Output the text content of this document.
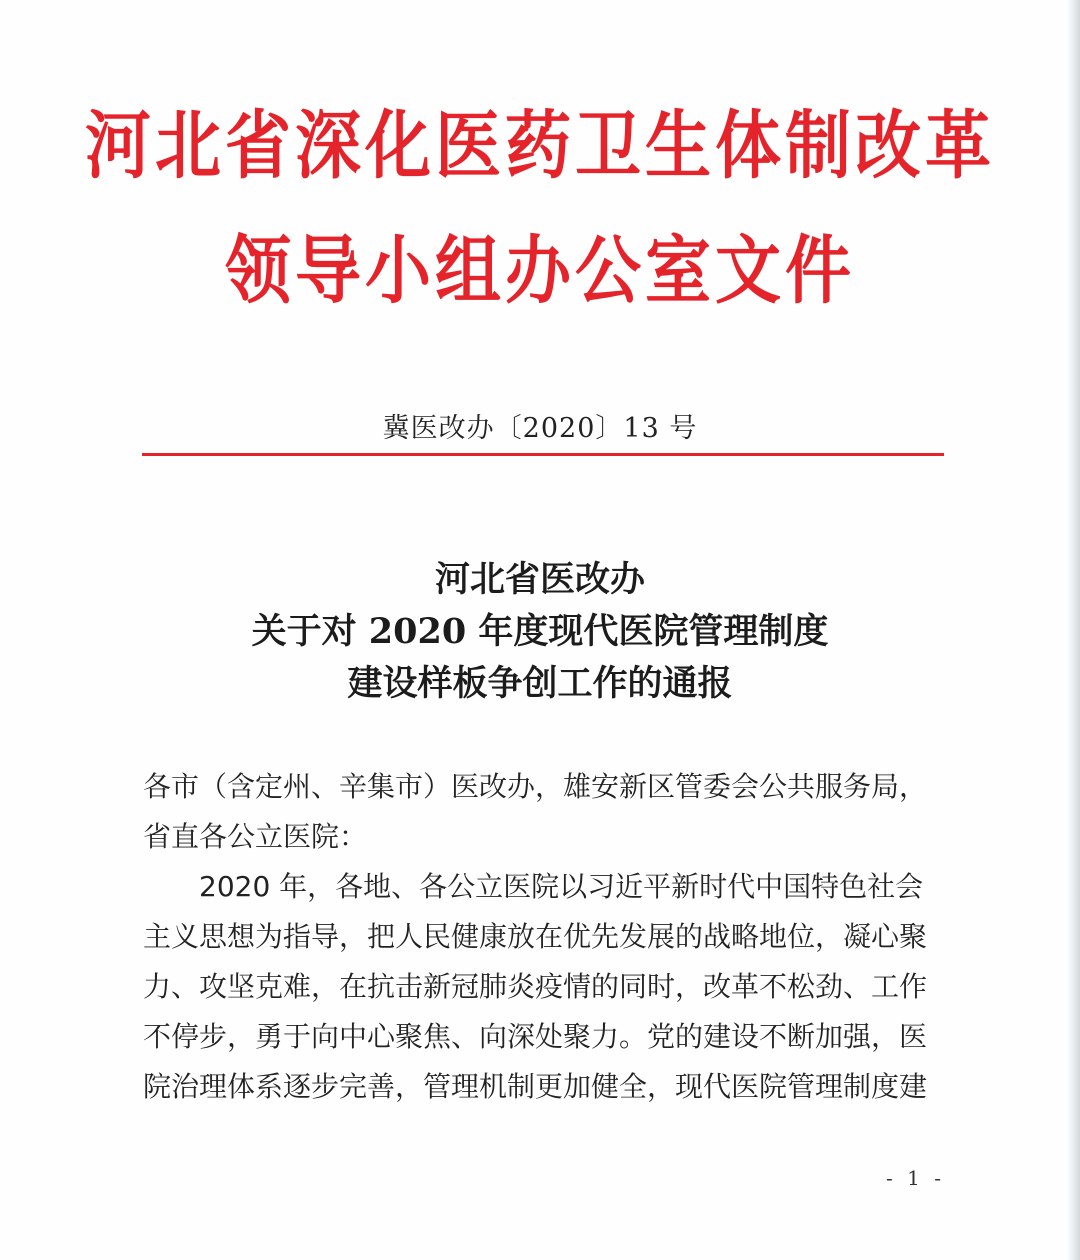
河北省深化医药卫生体制改革
领导小组办公室文件
冀医改办〔2020〕13 号
河北省医改办
关于对 2020 年度现代医院管理制度
建设样板争创工作的通报
各市（含定州、辛集市）医改办，雄安新区管委会公共服务局，
省直各公立医院：
　　2020 年，各地、各公立医院以习近平新时代中国特色社会
主义思想为指导，把人民健康放在优先发展的战略地位，凝心聚
力、攻坚克难，在抗击新冠肺炎疫情的同时，改革不松劲、工作
不停步，勇于向中心聚焦、向深处聚力。党的建设不断加强，医
院治理体系逐步完善，管理机制更加健全，现代医院管理制度建
- 1 -
